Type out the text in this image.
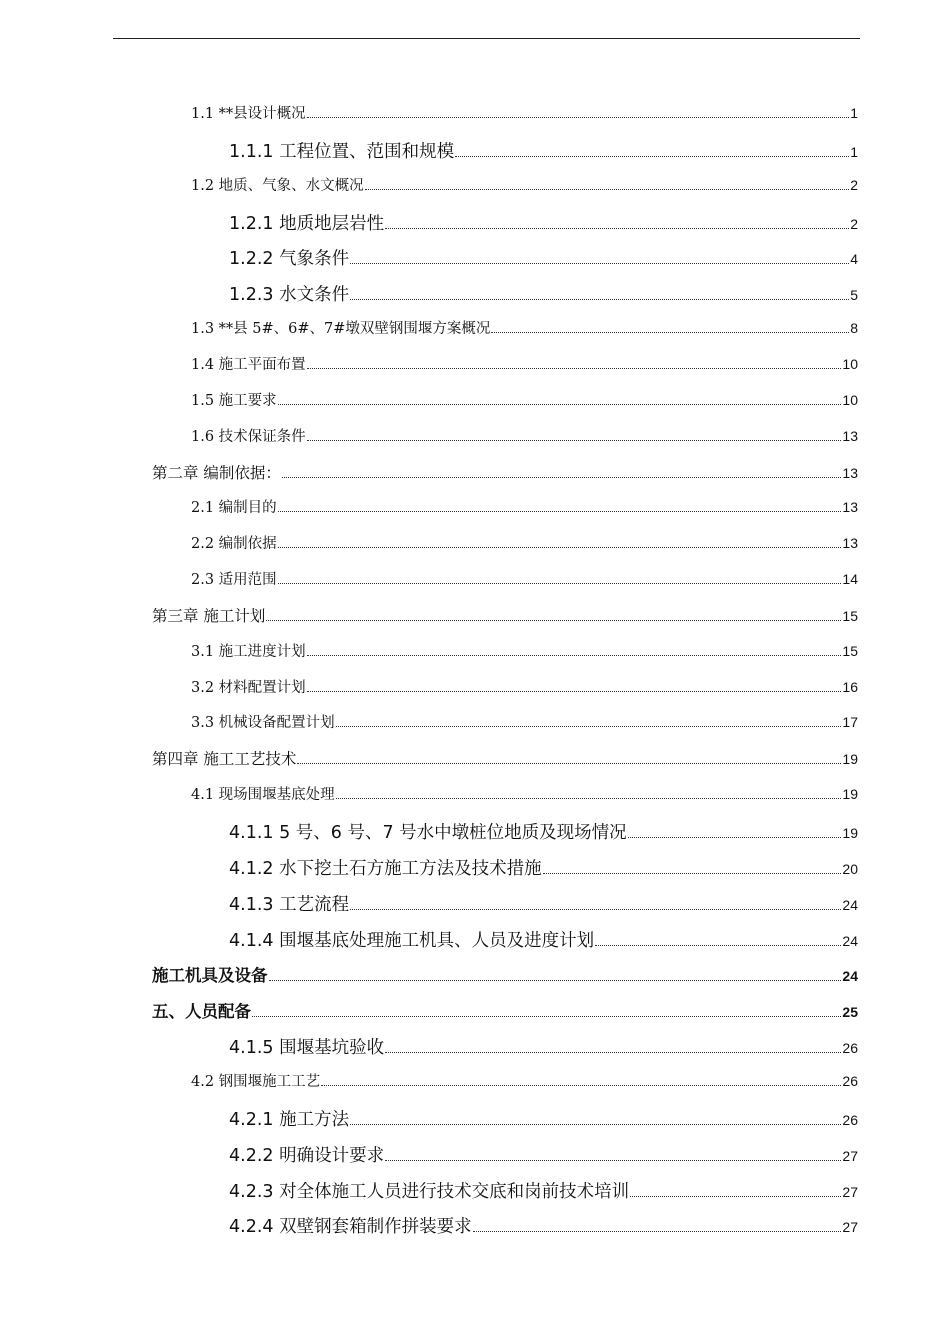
1.1 **县设计概况	1
1.1.1 工程位置、范围和规模	1
1.2 地质、气象、水文概况	2
1.2.1 地质地层岩性	2
1.2.2 气象条件	4
1.2.3 水文条件	5
1.3 **县 5#、6#、7#墩双壁钢围堰方案概况	8
1.4 施工平面布置	10
1.5 施工要求	10
1.6 技术保证条件	13
第二章 编制依据：	13
2.1 编制目的	13
2.2 编制依据	13
2.3 适用范围	14
第三章 施工计划	15
3.1 施工进度计划	15
3.2 材料配置计划	16
3.3 机械设备配置计划	17
第四章 施工工艺技术	19
4.1 现场围堰基底处理	19
4.1.1 5 号、6 号、7 号水中墩桩位地质及现场情况	19
4.1.2 水下挖土石方施工方法及技术措施	20
4.1.3 工艺流程	24
4.1.4 围堰基底处理施工机具、人员及进度计划	24
施工机具及设备	24
五、人员配备	25
4.1.5 围堰基坑验收	26
4.2 钢围堰施工工艺	26
4.2.1 施工方法	26
4.2.2 明确设计要求	27
4.2.3 对全体施工人员进行技术交底和岗前技术培训	27
4.2.4 双壁钢套箱制作拼装要求	27
